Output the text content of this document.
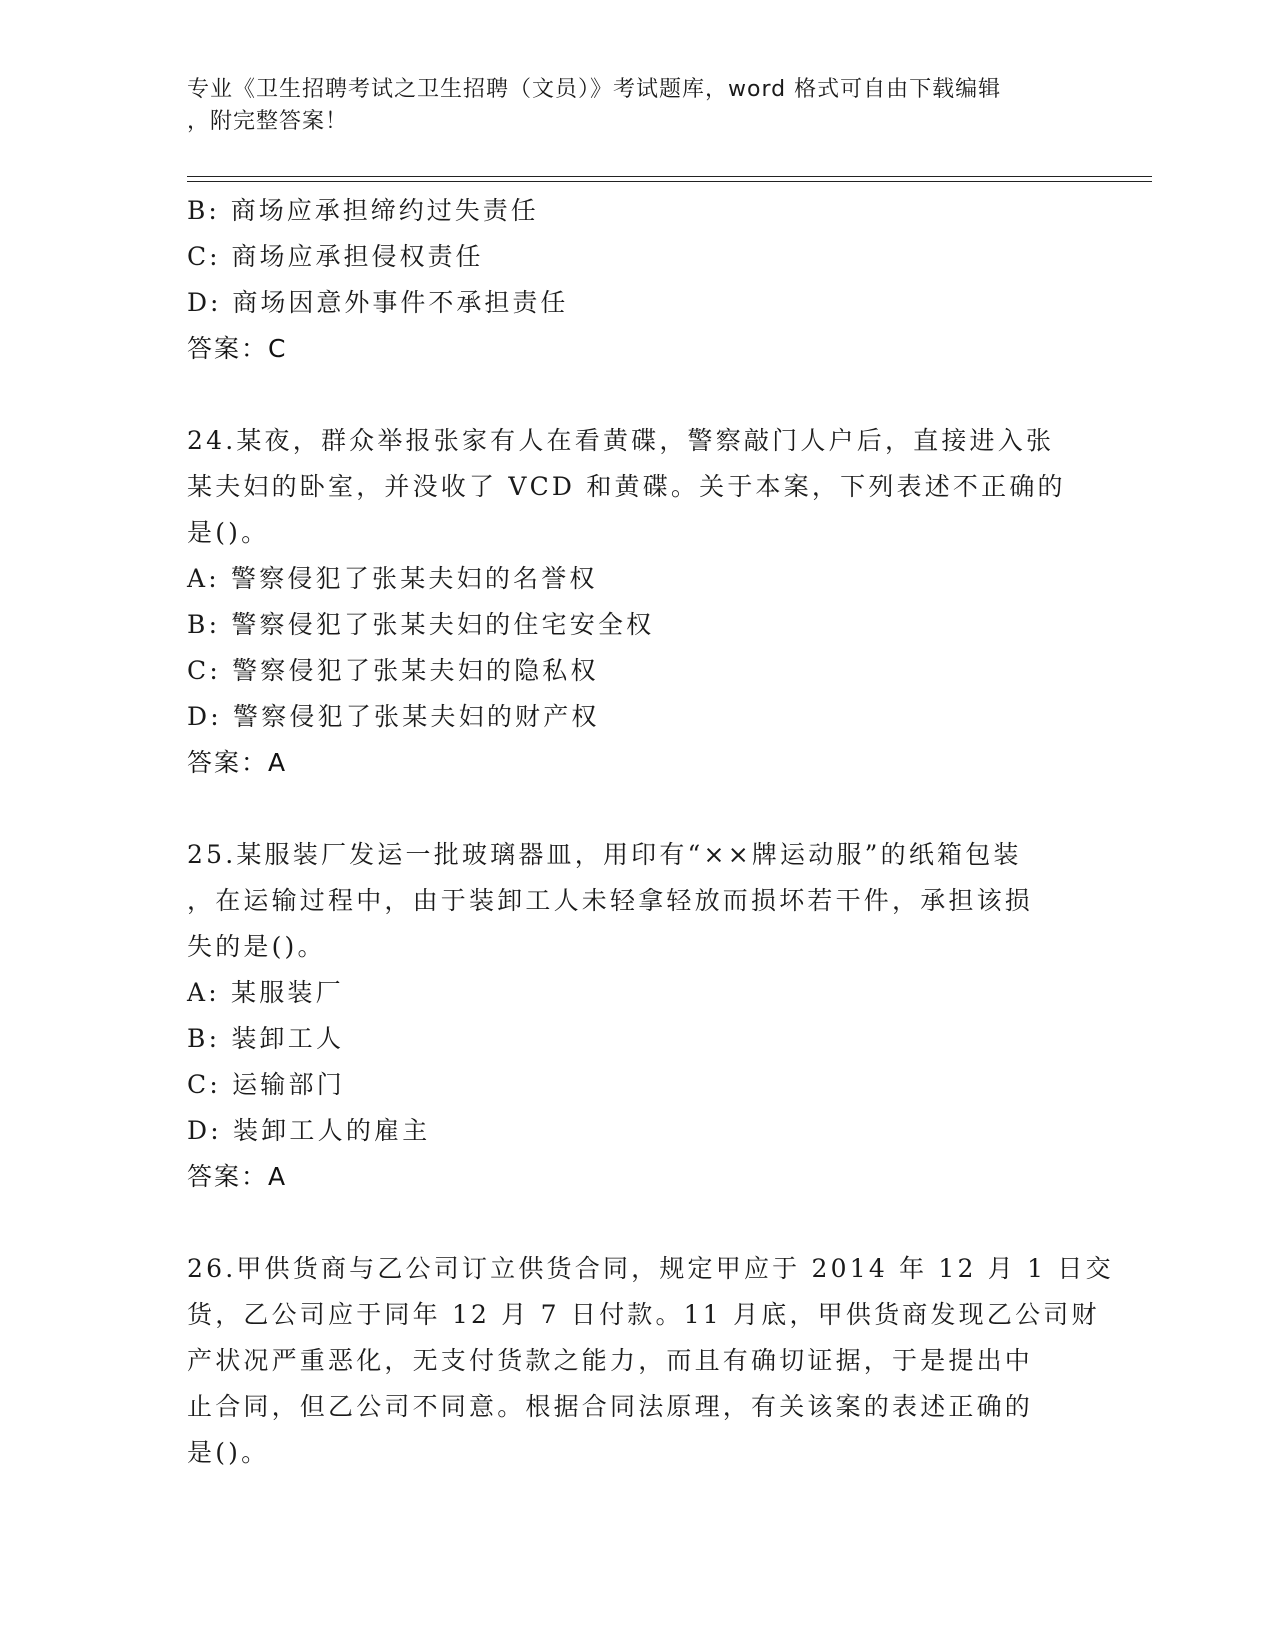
专业《卫生招聘考试之卫生招聘（文员）》考试题库，word 格式可自由下载编辑
，附完整答案！
B: 商场应承担缔约过失责任
C: 商场应承担侵权责任
D: 商场因意外事件不承担责任
答案：C
24.某夜，群众举报张家有人在看黄碟，警察敲门人户后，直接进入张
某夫妇的卧室，并没收了 VCD 和黄碟。关于本案，下列表述不正确的
是()。
A: 警察侵犯了张某夫妇的名誉权
B: 警察侵犯了张某夫妇的住宅安全权
C: 警察侵犯了张某夫妇的隐私权
D: 警察侵犯了张某夫妇的财产权
答案：A
25.某服装厂发运一批玻璃器皿，用印有“××牌运动服”的纸箱包装
，在运输过程中，由于装卸工人未轻拿轻放而损坏若干件，承担该损
失的是()。
A: 某服装厂
B: 装卸工人
C: 运输部门
D: 装卸工人的雇主
答案：A
26.甲供货商与乙公司订立供货合同，规定甲应于 2014 年 12 月 1 日交
货，乙公司应于同年 12 月 7 日付款。11 月底，甲供货商发现乙公司财
产状况严重恶化，无支付货款之能力，而且有确切证据，于是提出中
止合同，但乙公司不同意。根据合同法原理，有关该案的表述正确的
是()。
